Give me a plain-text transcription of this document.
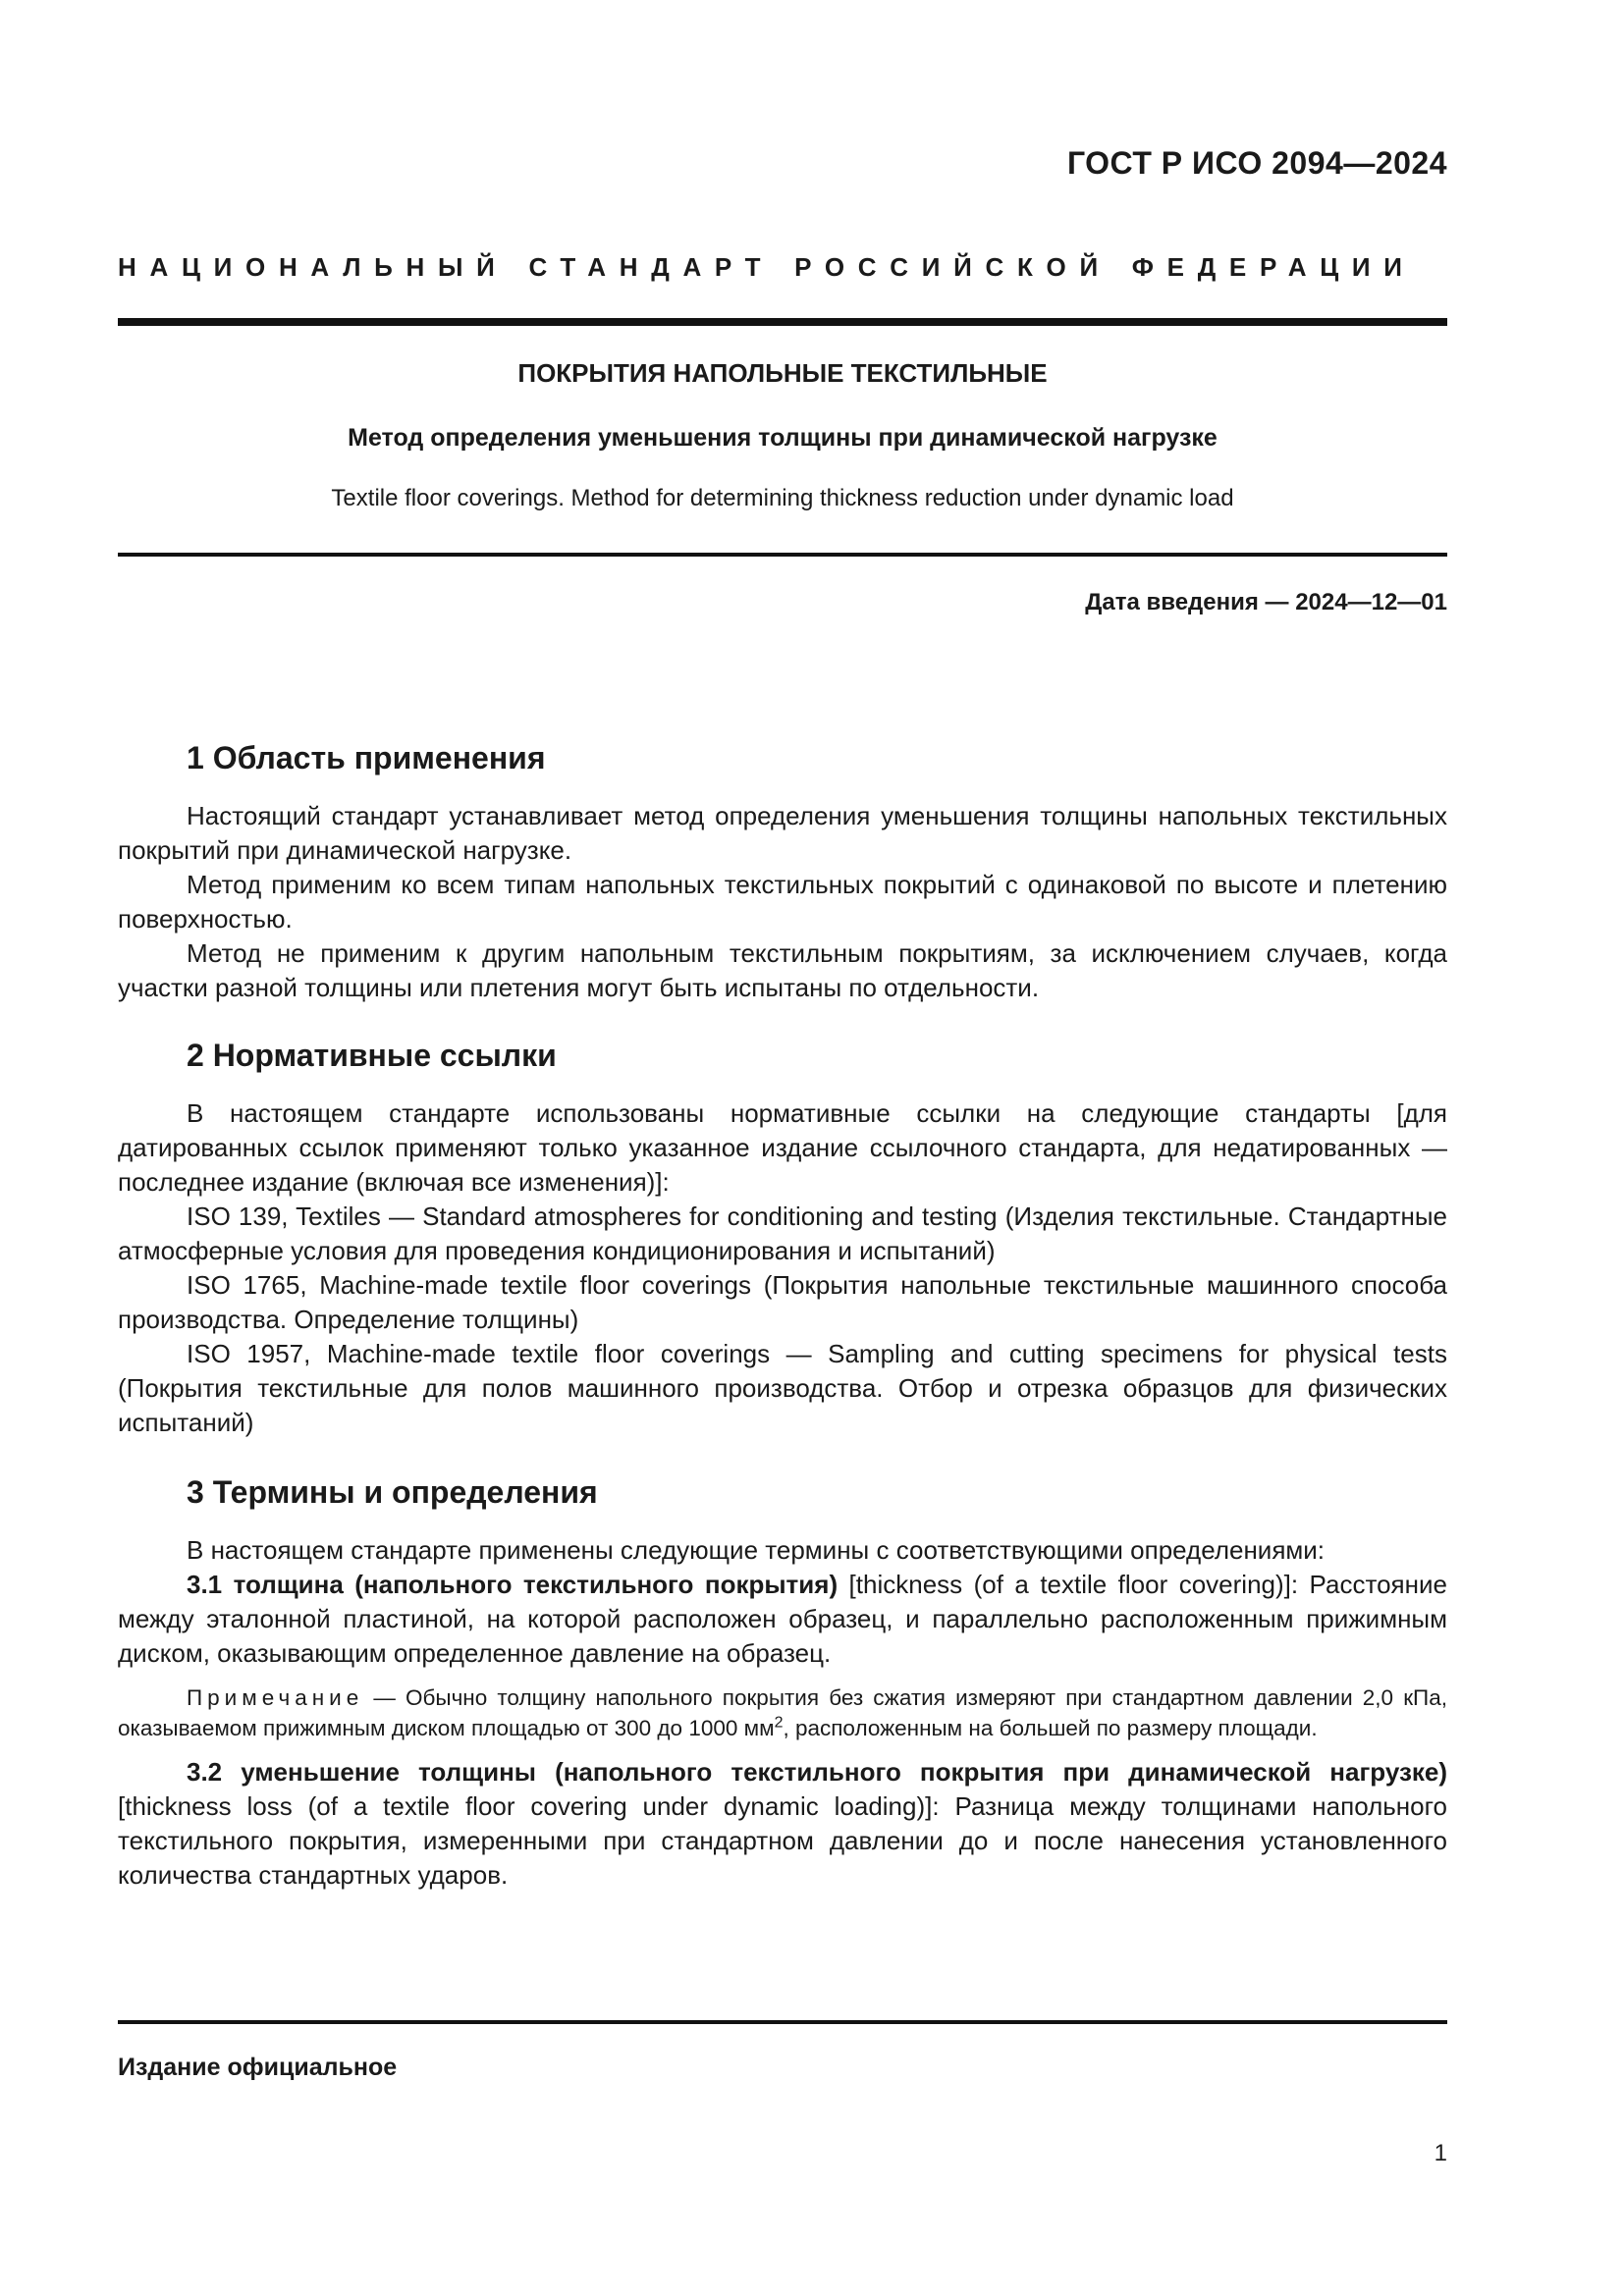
ГОСТ Р ИСО 2094—2024
НАЦИОНАЛЬНЫЙ СТАНДАРТ РОССИЙСКОЙ ФЕДЕРАЦИИ
ПОКРЫТИЯ НАПОЛЬНЫЕ ТЕКСТИЛЬНЫЕ
Метод определения уменьшения толщины при динамической нагрузке
Textile floor coverings. Method for determining thickness reduction under dynamic load
Дата введения — 2024—12—01
1 Область применения

Настоящий стандарт устанавливает метод определения уменьшения толщины напольных текстильных покрытий при динамической нагрузке.

Метод применим ко всем типам напольных текстильных покрытий с одинаковой по высоте и плетению поверхностью.

Метод не применим к другим напольным текстильным покрытиям, за исключением случаев, когда участки разной толщины или плетения могут быть испытаны по отдельности.

2 Нормативные ссылки

В настоящем стандарте использованы нормативные ссылки на следующие стандарты [для датированных ссылок применяют только указанное издание ссылочного стандарта, для недатированных — последнее издание (включая все изменения)]:

ISO 139, Textiles — Standard atmospheres for conditioning and testing (Изделия текстильные. Стандартные атмосферные условия для проведения кондиционирования и испытаний)

ISO 1765, Machine-made textile floor coverings (Покрытия напольные текстильные машинного способа производства. Определение толщины)

ISO 1957, Machine-made textile floor coverings — Sampling and cutting specimens for physical tests (Покрытия текстильные для полов машинного производства. Отбор и отрезка образцов для физических испытаний)

3 Термины и определения

В настоящем стандарте применены следующие термины с соответствующими определениями:

3.1 толщина (напольного текстильного покрытия) [thickness (of a textile floor covering)]: Расстояние между эталонной пластиной, на которой расположен образец, и параллельно расположенным прижимным диском, оказывающим определенное давление на образец.

Примечание — Обычно толщину напольного покрытия без сжатия измеряют при стандартном давлении 2,0 кПа, оказываемом прижимным диском площадью от 300 до 1000 $мм^2$, расположенным на большей по размеру площади.

3.2 уменьшение толщины (напольного текстильного покрытия при динамической нагрузке) [thickness loss (of a textile floor covering under dynamic loading)]: Разница между толщинами напольного текстильного покрытия, измеренными при стандартном давлении до и после нанесения установленного количества стандартных ударов.

Издание официальное
1
